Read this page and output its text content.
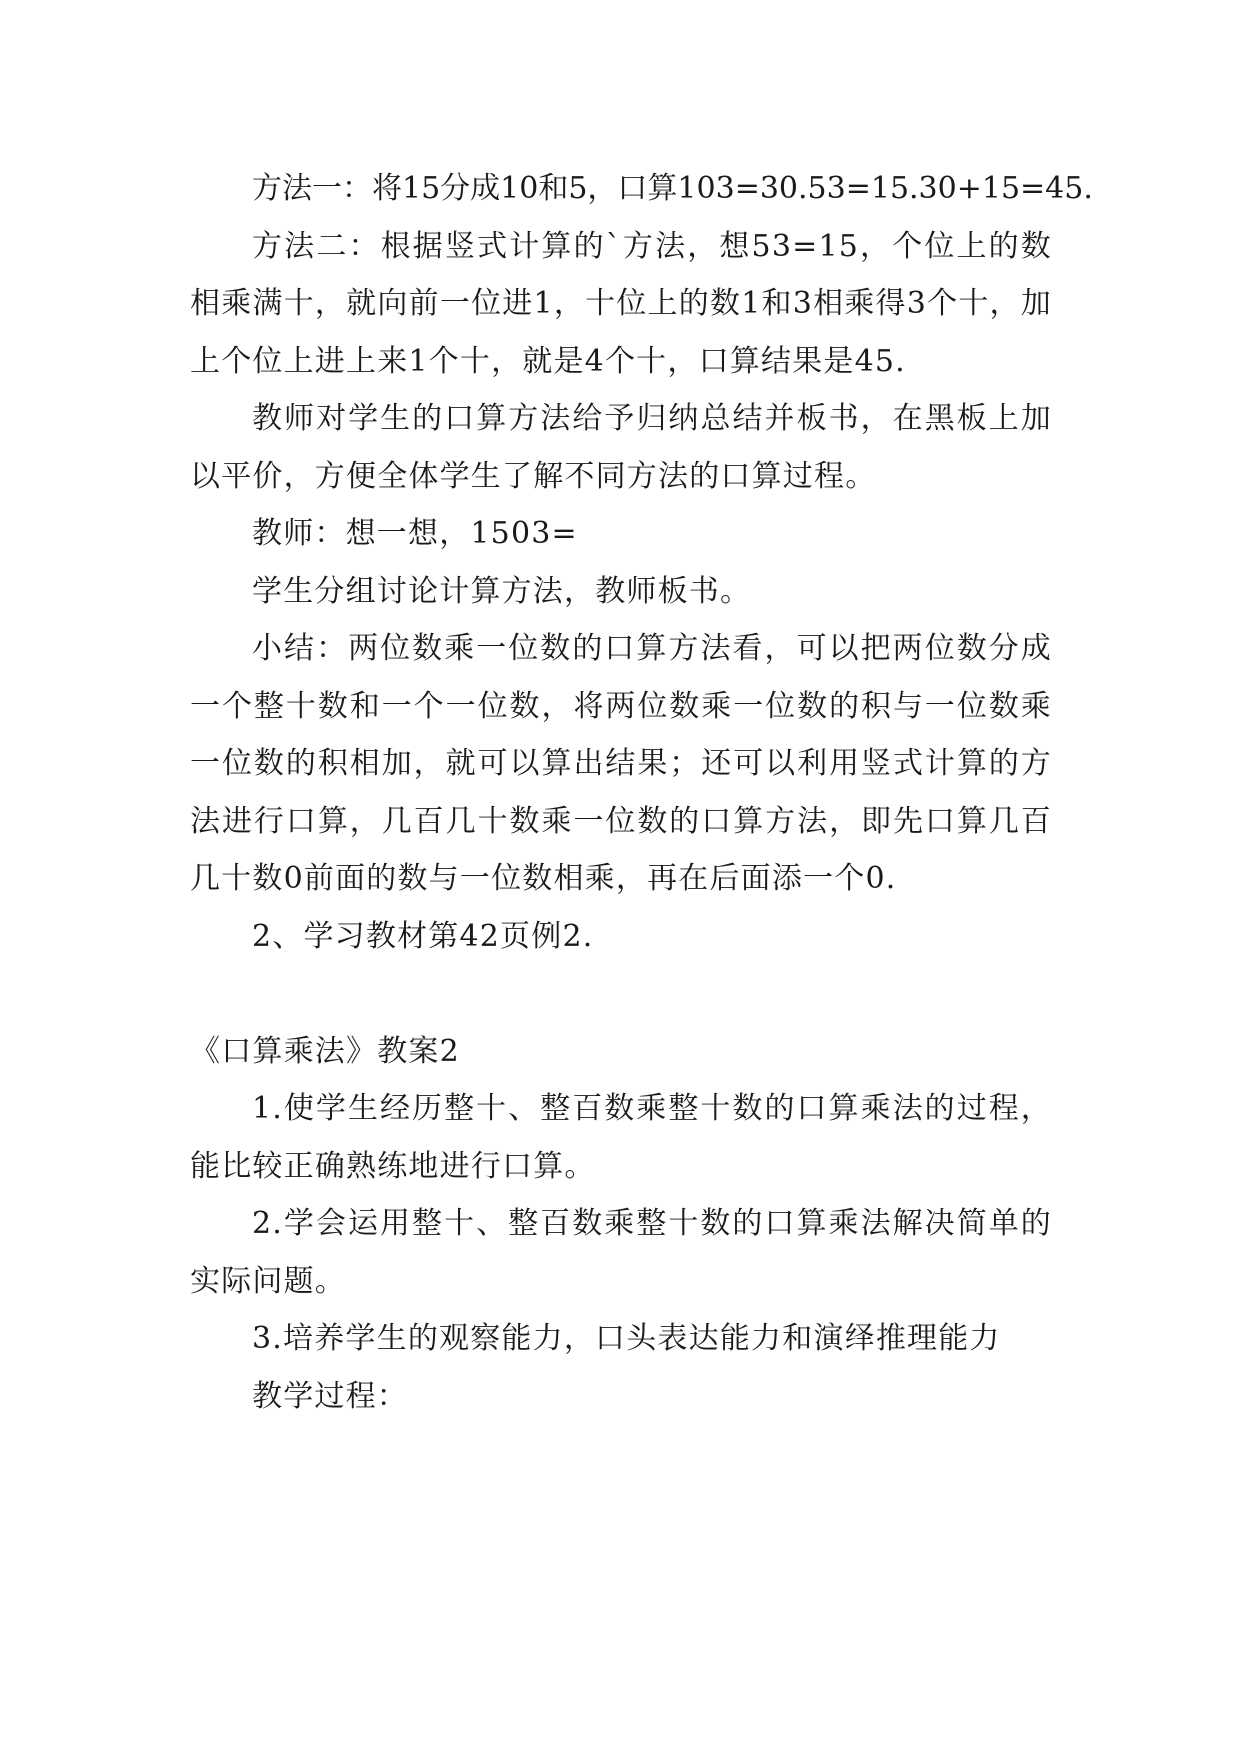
方法一：将15分成10和5，口算103=30.53=15.30+15=45.

方法二：根据竖式计算的`方法，想53=15，个位上的数相乘满十，就向前一位进1，十位上的数1和3相乘得3个十，加上个位上进上来1个十，就是4个十，口算结果是45.

教师对学生的口算方法给予归纳总结并板书，在黑板上加以平价，方便全体学生了解不同方法的口算过程。

教师：想一想，1503=

学生分组讨论计算方法，教师板书。

小结：两位数乘一位数的口算方法看，可以把两位数分成一个整十数和一个一位数，将两位数乘一位数的积与一位数乘一位数的积相加，就可以算出结果；还可以利用竖式计算的方法进行口算，几百几十数乘一位数的口算方法，即先口算几百几十数0前面的数与一位数相乘，再在后面添一个0.

2、学习教材第42页例2.

《口算乘法》教案2

1.使学生经历整十、整百数乘整十数的口算乘法的过程，能比较正确熟练地进行口算。

2.学会运用整十、整百数乘整十数的口算乘法解决简单的实际问题。

3.培养学生的观察能力，口头表达能力和演绎推理能力

教学过程：
